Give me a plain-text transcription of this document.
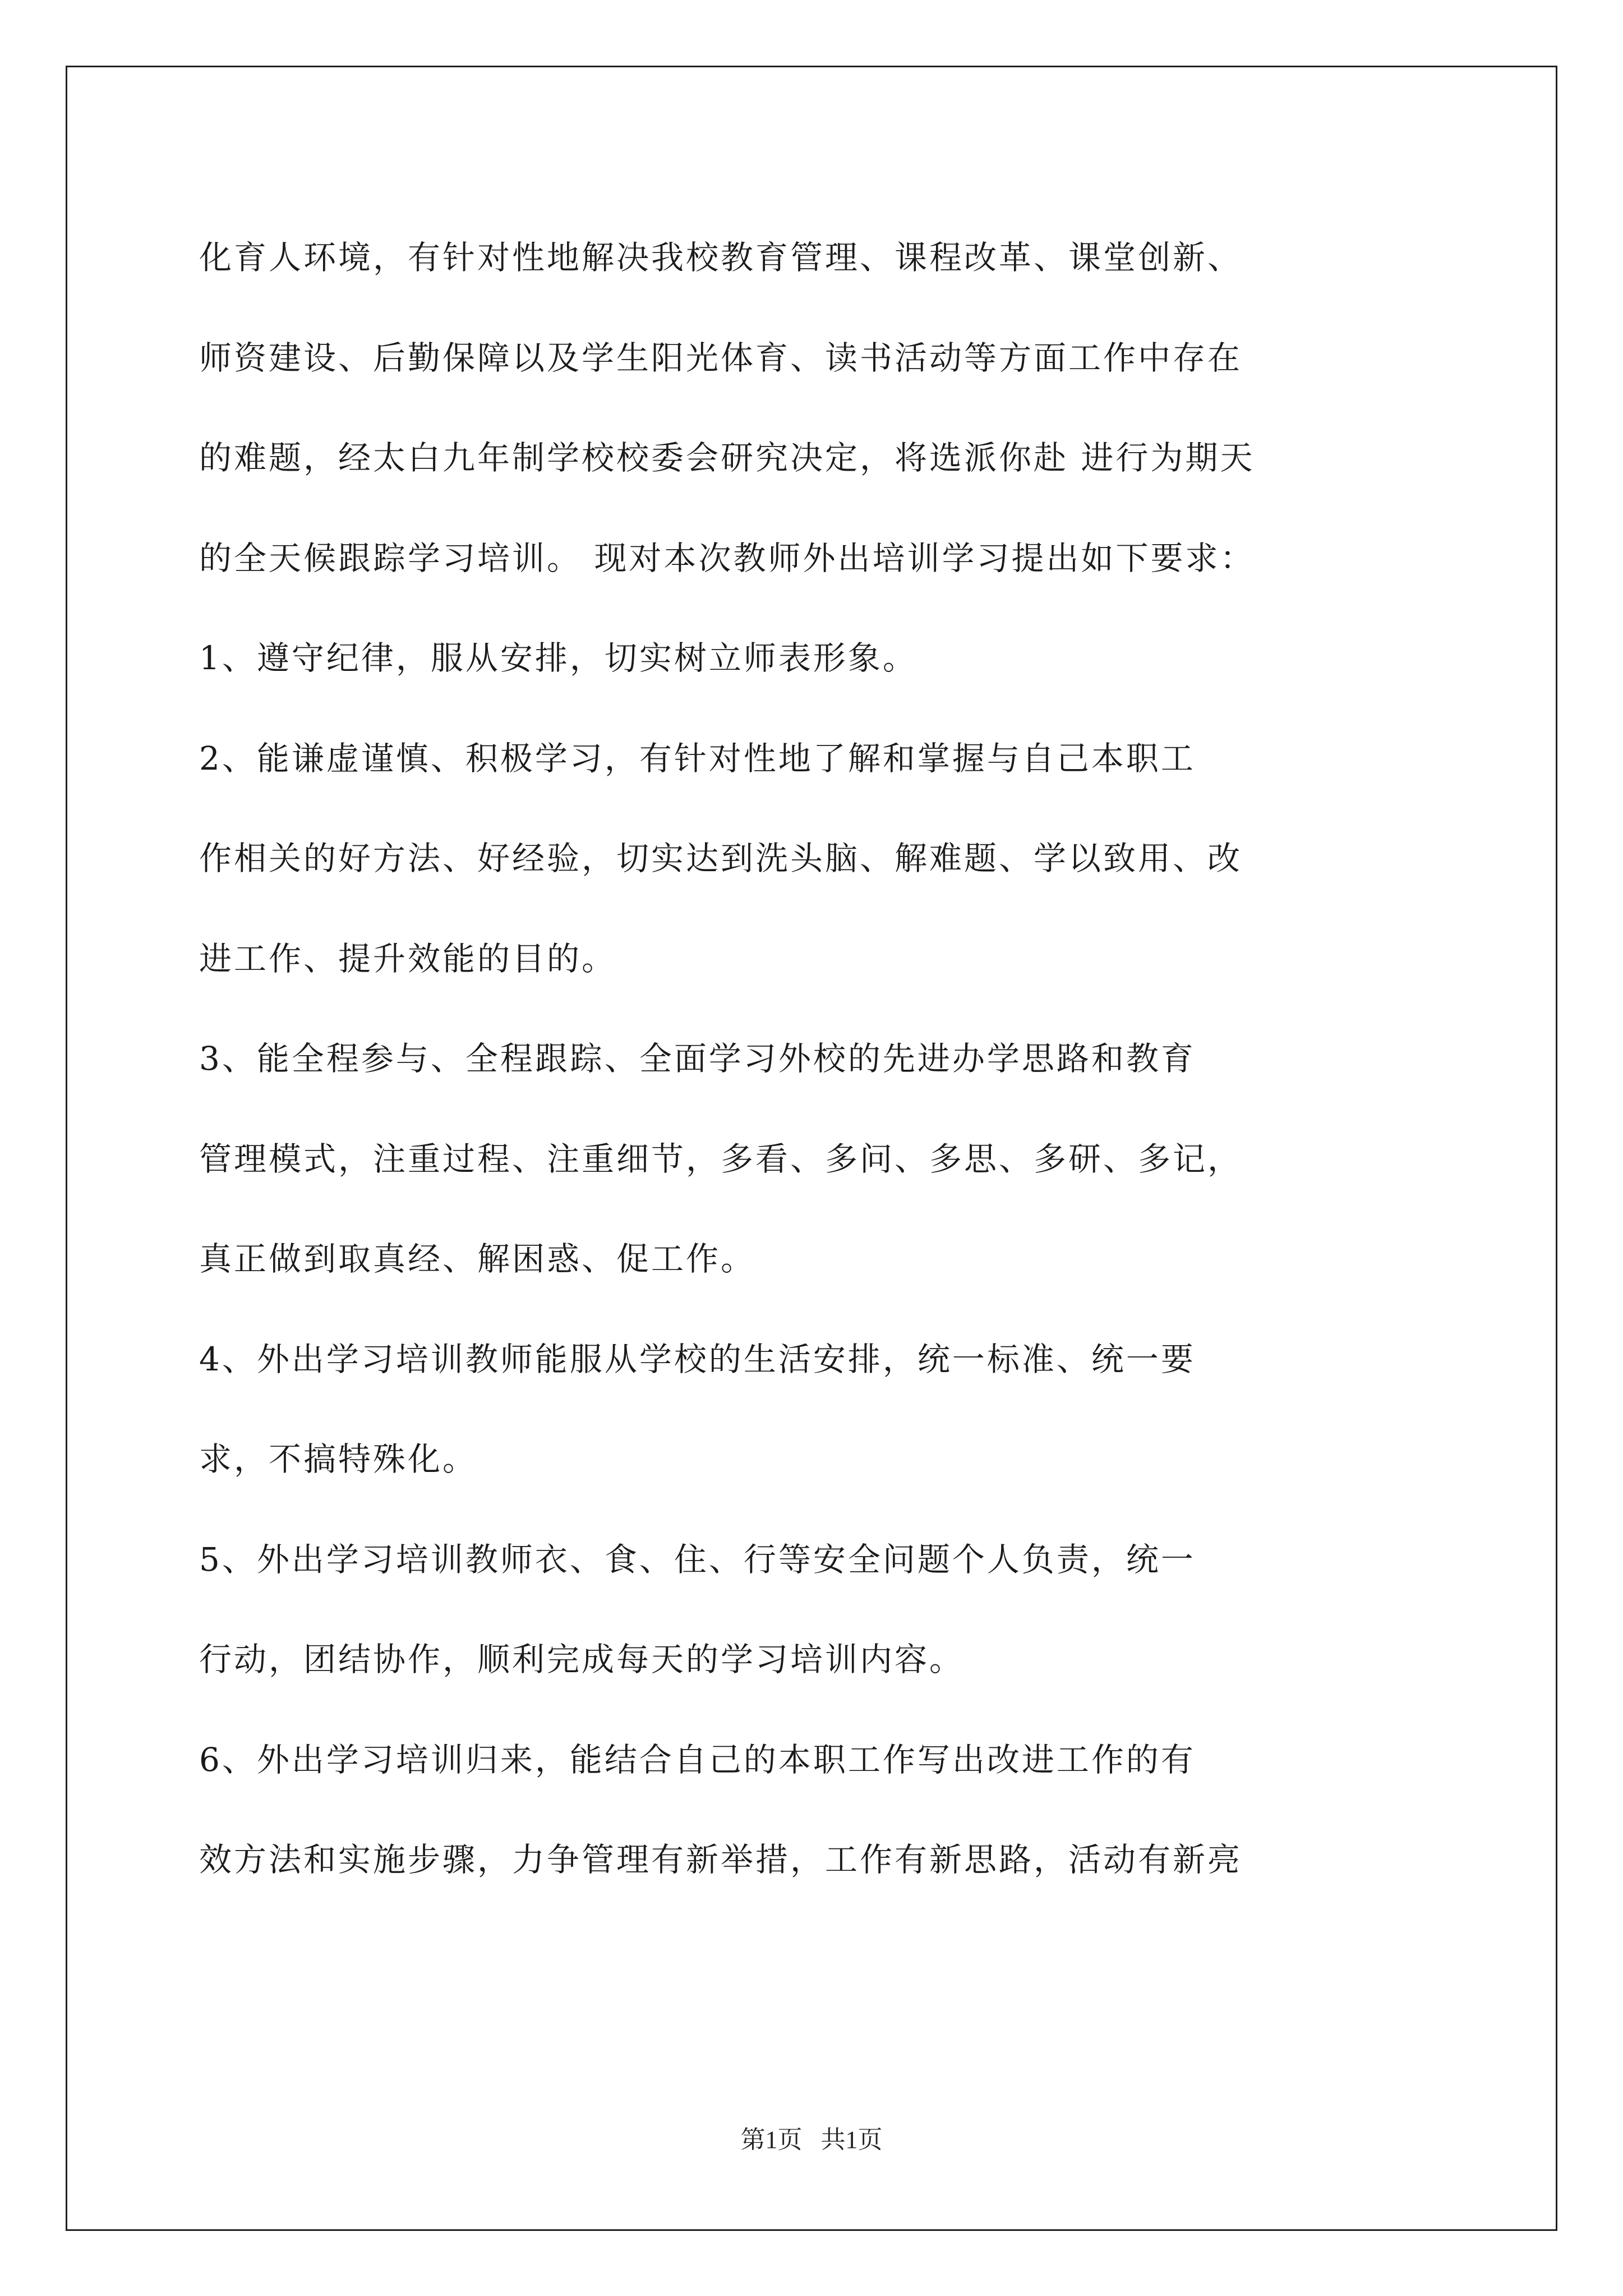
化育人环境，有针对性地解决我校教育管理、课程改革、课堂创新、
师资建设、后勤保障以及学生阳光体育、读书活动等方面工作中存在
的难题，经太白九年制学校校委会研究决定，将选派你赴 进行为期天
的全天候跟踪学习培训。 现对本次教师外出培训学习提出如下要求：
1、遵守纪律，服从安排，切实树立师表形象。
2、能谦虚谨慎、积极学习，有针对性地了解和掌握与自己本职工
作相关的好方法、好经验，切实达到洗头脑、解难题、学以致用、改
进工作、提升效能的目的。
3、能全程参与、全程跟踪、全面学习外校的先进办学思路和教育
管理模式，注重过程、注重细节，多看、多问、多思、多研、多记，
真正做到取真经、解困惑、促工作。
4、外出学习培训教师能服从学校的生活安排，统一标准、统一要
求，不搞特殊化。
5、外出学习培训教师衣、食、住、行等安全问题个人负责，统一
行动，团结协作，顺利完成每天的学习培训内容。
6、外出学习培训归来，能结合自己的本职工作写出改进工作的有
效方法和实施步骤，力争管理有新举措，工作有新思路，活动有新亮
第1页   共1页
